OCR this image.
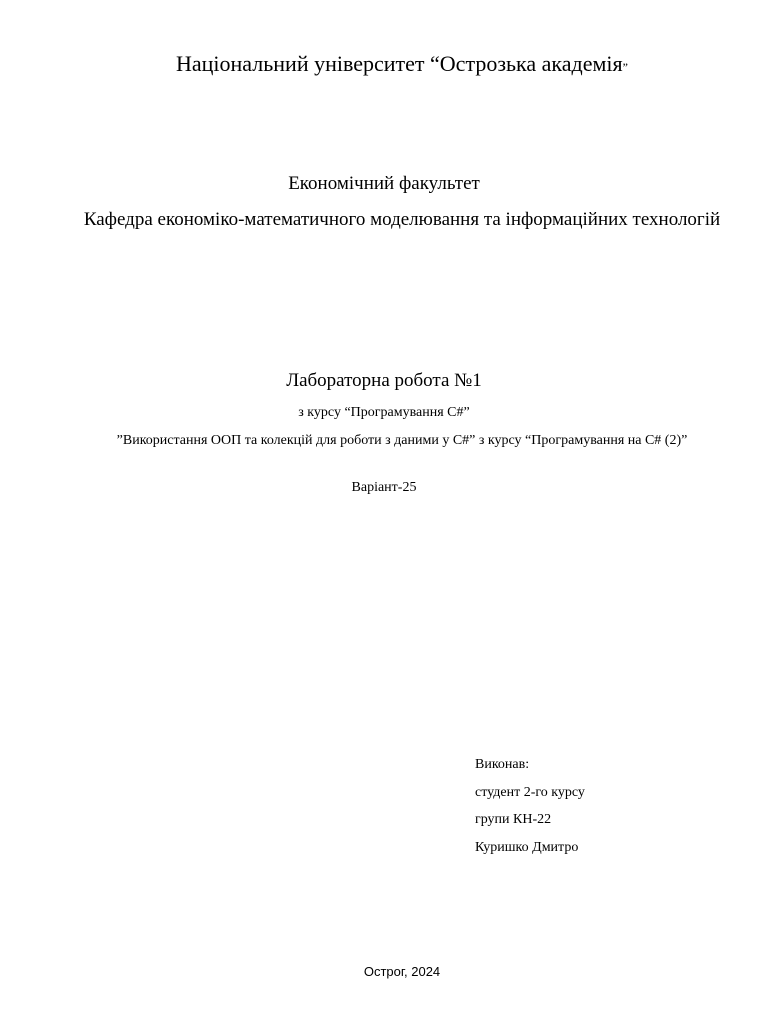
Національний університет “Острозька академія”
Економічний факультет
Кафедра економіко-математичного моделювання та інформаційних технологій
Лабораторна робота №1
з курсу “Програмування C#”
”Використання ООП та колекцій для роботи з даними у C#” з курсу “Програмування на C# (2)”
Варіант-25
Виконав:
студент 2-го курсу
групи КН-22
Куришко Дмитро
Острог, 2024
